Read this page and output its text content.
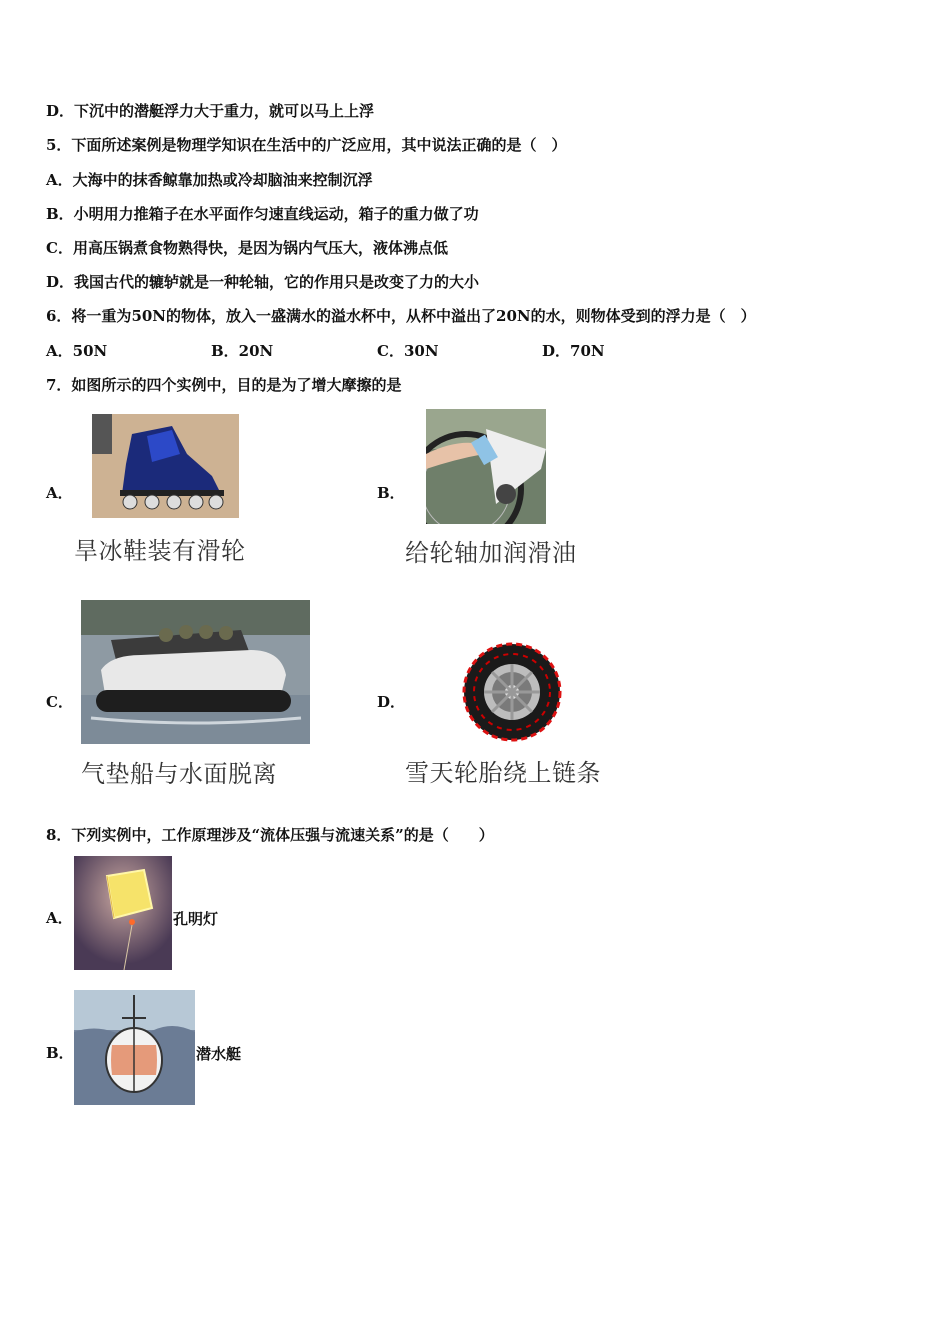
D．下沉中的潜艇浮力大于重力，就可以马上上浮
5．下面所述案例是物理学知识在生活中的广泛应用，其中说法正确的是（　）
A．大海中的抹香鲸靠加热或冷却脑油来控制沉浮
B．小明用力推箱子在水平面作匀速直线运动，箱子的重力做了功
C．用高压锅煮食物熟得快，是因为锅内气压大，液体沸点低
D．我国古代的辘轳就是一种轮轴，它的作用只是改变了力的大小
6．将一重为50N的物体，放入一盛满水的溢水杯中，从杯中溢出了20N的水，则物体受到的浮力是（　）
A．50N	B．20N	C．30N	D．70N
7．如图所示的四个实例中，目的是为了增大摩擦的是
A．
旱冰鞋装有滑轮
B．
给轮轴加润滑油
C．
气垫船与水面脱离
D．
雪天轮胎绕上链条
8．下列实例中，工作原理涉及“流体压强与流速关系”的是（　　）
A．	孔明灯
B．	潜水艇
